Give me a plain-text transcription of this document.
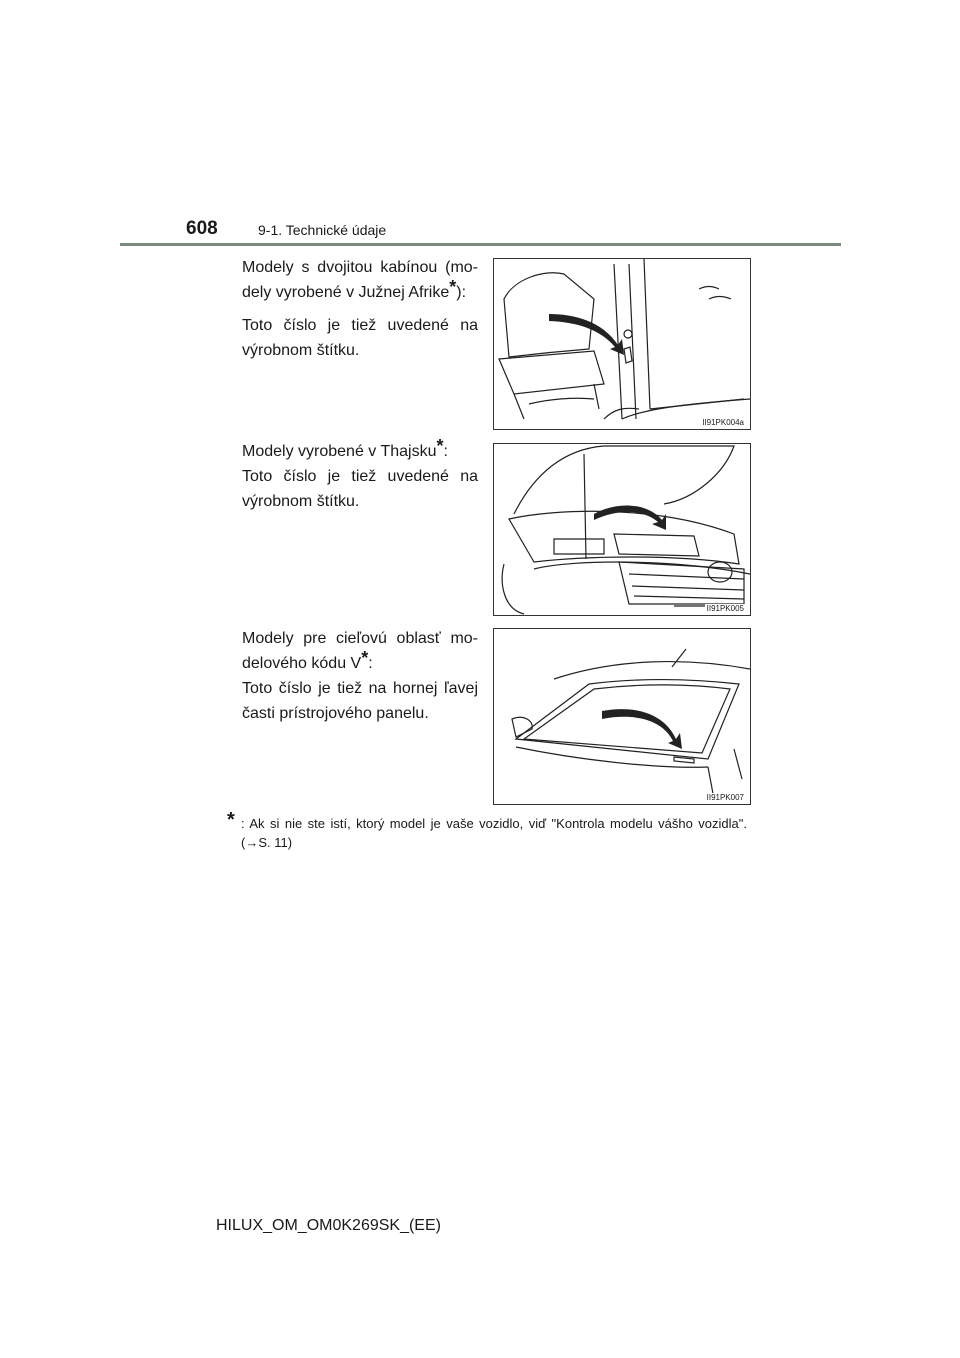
608	9-1. Technické údaje

Modely s dvojitou kabínou (mo- dely vyrobené v Južnej Afrike*):

Toto číslo je tiež uvedené na výrobnom štítku.

II91PK004a

Modely vyrobené v Thajsku*:

Toto číslo je tiež uvedené na výrobnom štítku.

II91PK005

Modely pre cieľovú oblasť mo- delového kódu V*:

Toto číslo je tiež na hornej ľavej časti prístrojového panelu.

II91PK007
* : Ak si nie ste istí, ktorý model je vaše vozidlo, viď "Kontrola modelu vášho vozidla". (→S. 11)
HILUX_OM_OM0K269SK_(EE)
